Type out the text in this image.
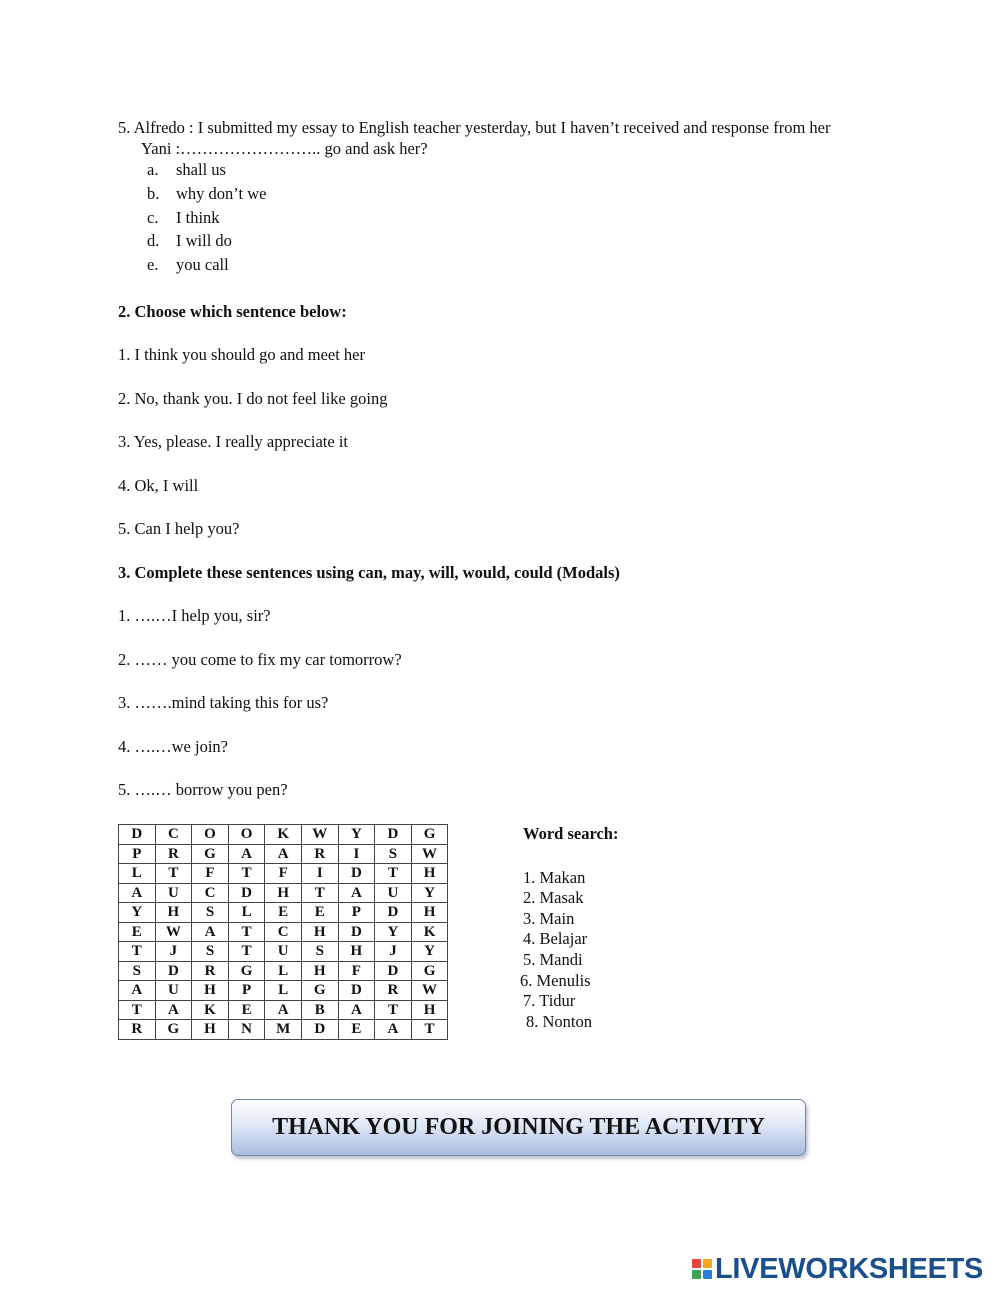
5. Alfredo : I submitted my essay to English teacher yesterday, but I haven’t received and response from her
Yani :…………………….. go and ask her?
a. shall us
b. why don’t we
c. I think
d. I will do
e. you call
2. Choose which sentence below:
1. I think you should go and meet her
2. No, thank you. I do not feel like going
3. Yes, please. I really appreciate it
4. Ok, I will
5. Can I help you?
3. Complete these sentences using can, may, will, would, could (Modals)
1. ….…I help you, sir?
2. …… you come to fix my car tomorrow?
3. …….mind taking this for us?
4. ….…we join?
5. ….… borrow you pen?
D	C	O	O	K	W	Y	D	G
P	R	G	A	A	R	I	S	W
L	T	F	T	F	I	D	T	H
A	U	C	D	H	T	A	U	Y
Y	H	S	L	E	E	P	D	H
E	W	A	T	C	H	D	Y	K
T	J	S	T	U	S	H	J	Y
S	D	R	G	L	H	F	D	G
A	U	H	P	L	G	D	R	W
T	A	K	E	A	B	A	T	H
R	G	H	N	M	D	E	A	T
Word search:
1. Makan
2. Masak
3. Main
4. Belajar
5. Mandi
6. Menulis
7. Tidur
8. Nonton
THANK YOU FOR JOINING THE ACTIVITY
LIVEWORKSHEETS
